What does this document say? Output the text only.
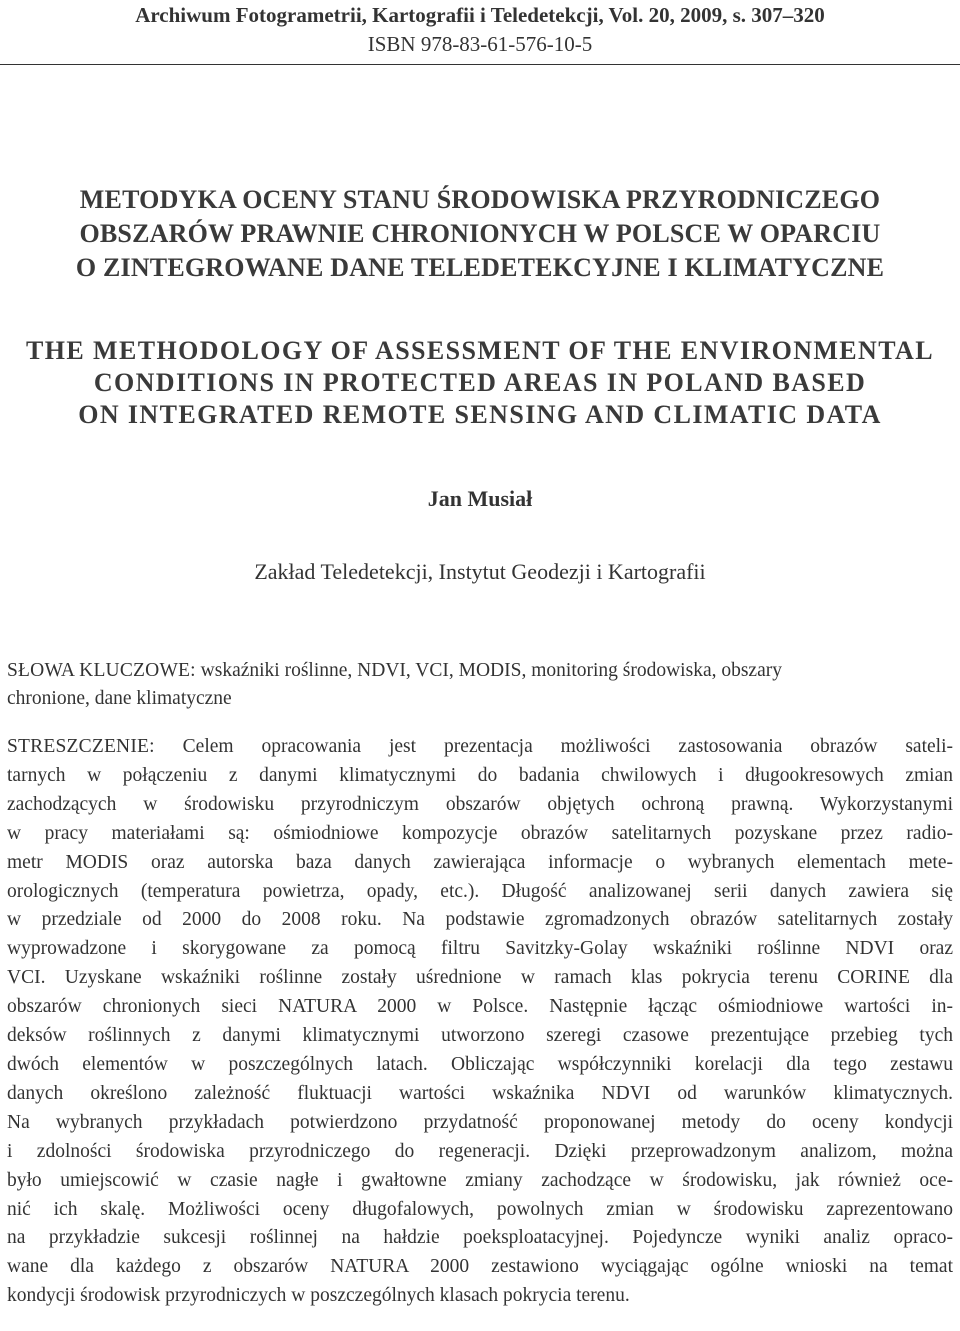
Archiwum Fotogrametrii, Kartografii i Teledetekcji, Vol. 20, 2009, s. 307–320
ISBN 978-83-61-576-10-5
METODYKA OCENY STANU ŚRODOWISKA PRZYRODNICZEGO
OBSZARÓW PRAWNIE CHRONIONYCH W POLSCE W OPARCIU
O ZINTEGROWANE DANE TELEDETEKCYJNE I KLIMATYCZNE
THE METHODOLOGY OF ASSESSMENT OF THE ENVIRONMENTAL
CONDITIONS IN PROTECTED AREAS IN POLAND BASED
ON INTEGRATED REMOTE SENSING AND CLIMATIC DATA
Jan Musiał
Zakład Teledetekcji, Instytut Geodezji i Kartografii
SŁOWA KLUCZOWE: wskaźniki roślinne, NDVI, VCI, MODIS, monitoring środowiska, obszary
chronione, dane klimatyczne
STRESZCZENIE: Celem opracowania jest prezentacja możliwości zastosowania obrazów sateli-
tarnych w połączeniu z danymi klimatycznymi do badania chwilowych i długookresowych zmian
zachodzących w środowisku przyrodniczym obszarów objętych ochroną prawną. Wykorzystanymi
w pracy materiałami są: ośmiodniowe kompozycje obrazów satelitarnych pozyskane przez radio-
metr MODIS oraz autorska baza danych zawierająca informacje o wybranych elementach mete-
orologicznych (temperatura powietrza, opady, etc.). Długość analizowanej serii danych zawiera się
w przedziale od 2000 do 2008 roku. Na podstawie zgromadzonych obrazów satelitarnych zostały
wyprowadzone i skorygowane za pomocą filtru Savitzky-Golay wskaźniki roślinne NDVI oraz
VCI. Uzyskane wskaźniki roślinne zostały uśrednione w ramach klas pokrycia terenu CORINE dla
obszarów chronionych sieci NATURA 2000 w Polsce. Następnie łącząc ośmiodniowe wartości in-
deksów roślinnych z danymi klimatycznymi utworzono szeregi czasowe prezentujące przebieg tych
dwóch elementów w poszczególnych latach. Obliczając współczynniki korelacji dla tego zestawu
danych określono zależność fluktuacji wartości wskaźnika NDVI od warunków klimatycznych.
Na wybranych przykładach potwierdzono przydatność proponowanej metody do oceny kondycji
i zdolności środowiska przyrodniczego do regeneracji. Dzięki przeprowadzonym analizom, można
było umiejscowić w czasie nagłe i gwałtowne zmiany zachodzące w środowisku, jak również oce-
nić ich skalę. Możliwości oceny długofalowych, powolnych zmian w środowisku zaprezentowano
na przykładzie sukcesji roślinnej na hałdzie poeksploatacyjnej. Pojedyncze wyniki analiz opraco-
wane dla każdego z obszarów NATURA 2000 zestawiono wyciągając ogólne wnioski na temat
kondycji środowisk przyrodniczych w poszczególnych klasach pokrycia terenu.
